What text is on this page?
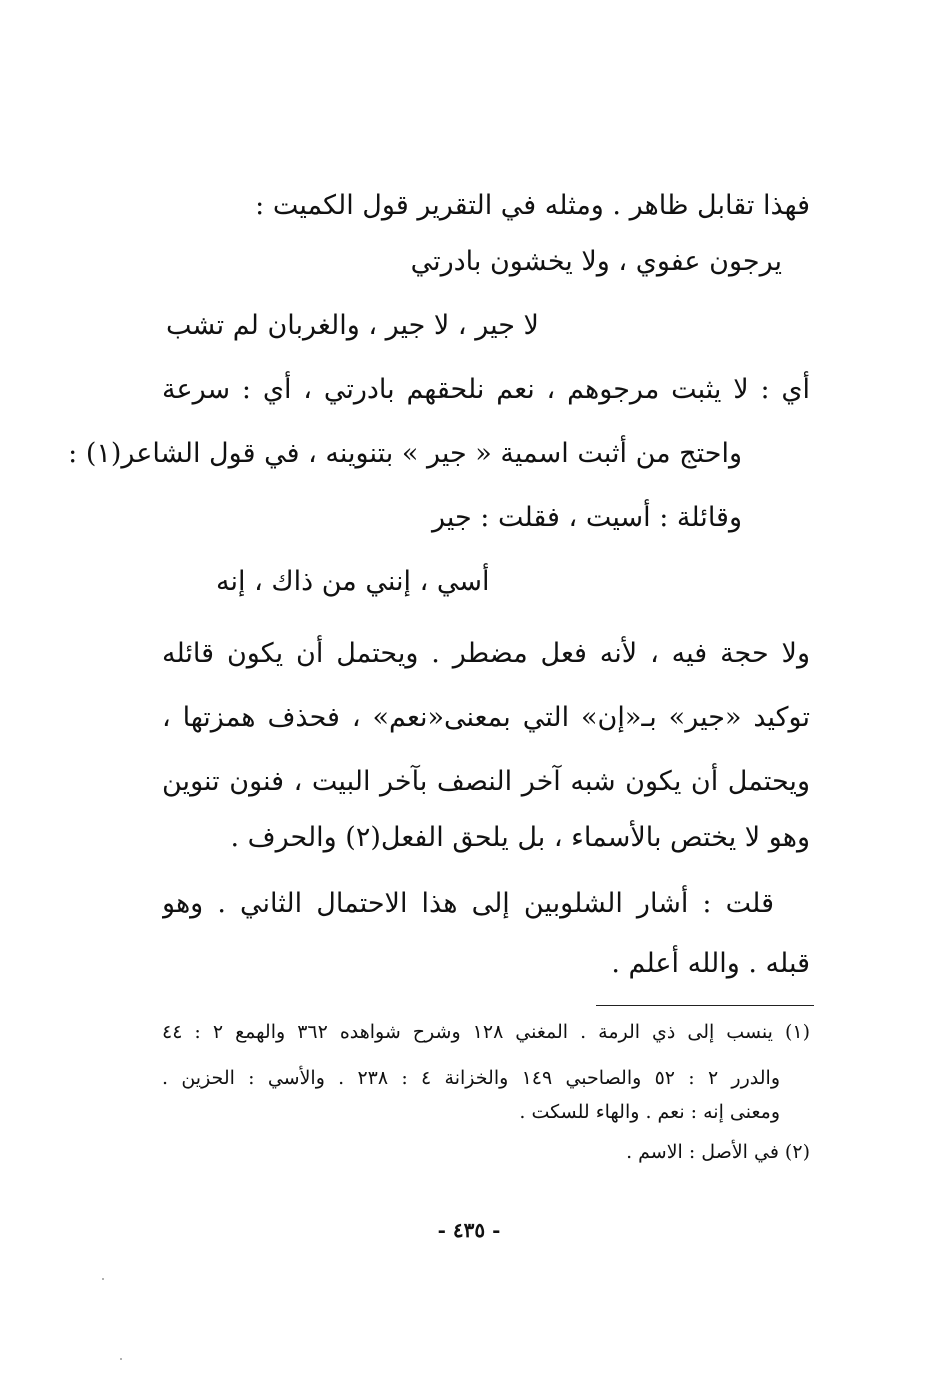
فهذا تقابل ظاهر . ومثله في التقرير قول الكميت :
يرجون عفوي ، ولا يخشون بادرتي
لا جير ، لا جير ، والغربان لم تشب
أي : لا يثبت مرجوهم ، نعم نلحقهم بادرتي ، أي : سرعة
واحتج من أثبت اسمية « جير » بتنوينه ، في قول الشاعر(١) :
وقائلة : أسيت ، فقلت : جير
أسي ، إنني من ذاك ، إنه
ولا حجة فيه ، لأنه فعل مضطر . ويحتمل أن يكون قائله
توكيد «جير» بـ«إن» التي بمعنى«نعم» ، فحذف همزتها ،
ويحتمل أن يكون شبه آخر النصف بآخر البيت ، فنون تنوين
وهو لا يختص بالأسماء ، بل يلحق الفعل(٢) والحرف .
قلت : أشار الشلوبين إلى هذا الاحتمال الثاني . وهو
قبله . والله أعلم .
(١) ينسب إلى ذي الرمة . المغني ١٢٨ وشرح شواهده ٣٦٢ والهمع ٢ : ٤٤
والدرر ٢ : ٥٢ والصاحبي ١٤٩ والخزانة ٤ : ٢٣٨ . والأسي : الحزين .
ومعنى إنه : نعم . والهاء للسكت .
(٢) في الأصل : الاسم .
- ٤٣٥ -
